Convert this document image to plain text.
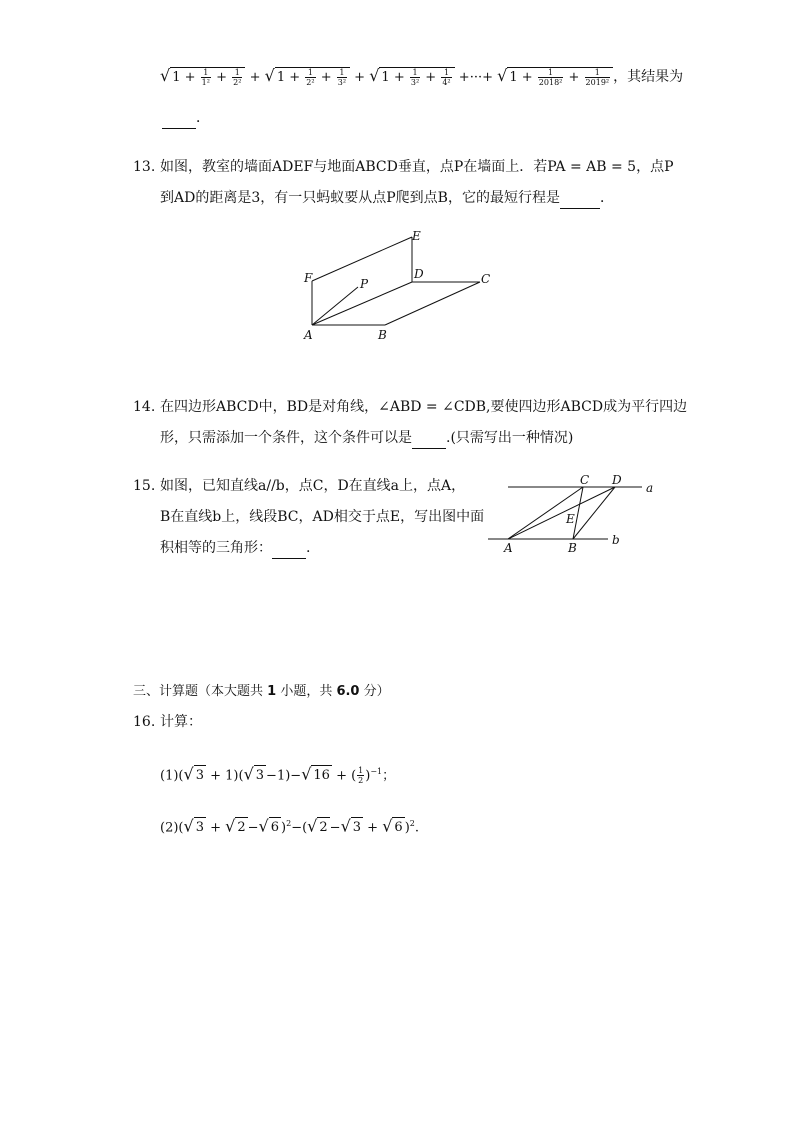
√ $1 + \frac{1}{\text{1²}} + \frac{1}{\text{2²}}$ + √ $1 + \frac{1}{\text{2²}} + \frac{1}{\text{3²}}$ + √ $1 + \frac{1}{\text{3²}} + \frac{1}{\text{4²}}$ +···+ √ $1 + \frac{1}{\text{2018²}} + \frac{1}{\text{2019²}}$ ，其结果为
．
13. 如图，教室的墙面ADEF与地面ABCD垂直，点P在墙面上．若PA = AB = 5，点P
到AD的距离是3，有一只蚂蚁要从点P爬到点B，它的最短行程是	．
E
F	P
D	C
A	B
14. 在四边形ABCD中，BD是对角线，∠ABD = ∠CDB,要使四边形ABCD成为平行四边
形，只需添加一个条件，这个条件可以是 .(只需写出一种情况)
15. 如图，已知直线a//b，点C，D在直线a上，点A，
B在直线b上，线段BC，AD相交于点E，写出图中面
积相等的三角形： .
C D
a
E
A	B
b
三、计算题（本大题共 1 小题，共 6.0 分）
16. 计算：
(1)(√ 3 + 1)(√ 3 −1)−√ 16 + ( $\frac{1}{2} )^{-1}$；
(2)(√ 3 + √ 2 −√ 6 )$^2$−(√ 2 −√ 3 + √ 6 )$^2$.
